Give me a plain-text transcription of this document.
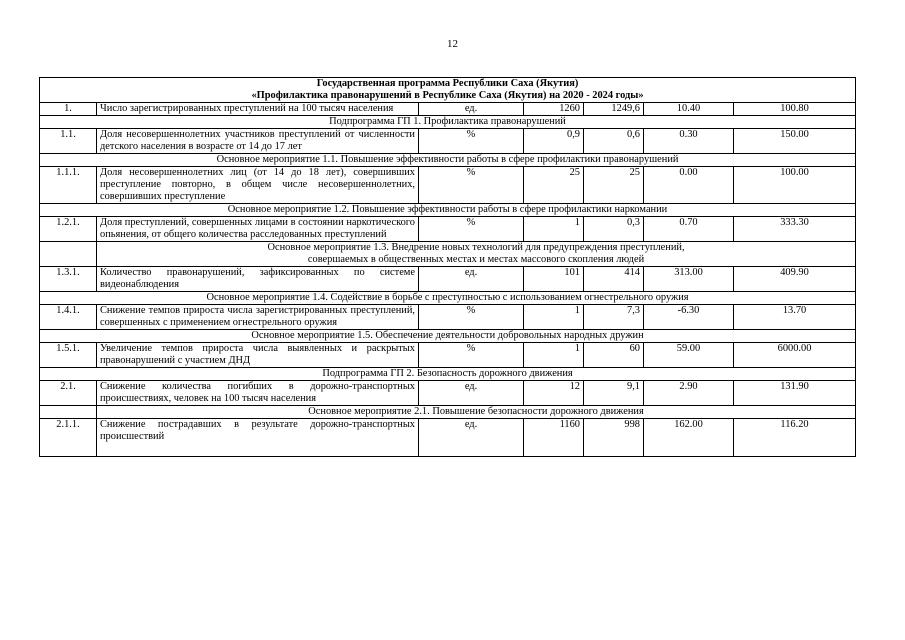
12
Государственная программа Республики Саха (Якутия)
«Профилактика правонарушений в Республике Саха (Якутия) на 2020 - 2024 годы»						

1.	Число зарегистрированных преступлений на 100 тысяч населения	ед.	1260	1249,6	10.40	100.80
Подпрограмма ГП 1. Профилактика правонарушений						
1.1.	Доля несовершеннолетних участников преступлений от численности детского населения в возрасте от 14 до 17 лет	%	0,9	0,6	0.30	150.00
Основное мероприятие 1.1. Повышение эффективности работы в сфере профилактики правонарушений						
1.1.1.	Доля несовершеннолетних лиц (от 14 до 18 лет), совершивших преступление повторно, в общем числе несовершеннолетних, совершивших преступление	%	25	25	0.00	100.00
Основное мероприятие 1.2. Повышение эффективности работы в сфере профилактики наркомании						
1.2.1.	Доля преступлений, совершенных лицами в состоянии наркотического опьянения, от общего количества расследованных преступлений	%	1	0,3	0.70	333.30

	Основное мероприятие 1.3. Внедрение новых технологий для предупреждения преступлений,
совершаемых в общественных местах и местах массового скопления людей					

1.3.1.	Количество правонарушений, зафиксированных по системе видеонаблюдения	ед.	101	414	313.00	409.90
Основное мероприятие 1.4. Содействие в борьбе с преступностью с использованием огнестрельного оружия						
1.4.1.	Снижение темпов прироста числа зарегистрированных преступлений, совершенных с применением огнестрельного оружия	%	1	7,3	-6.30	13.70
Основное мероприятие 1.5. Обеспечение деятельности добровольных народных дружин						
1.5.1.	Увеличение темпов прироста числа выявленных и раскрытых правонарушений с участием ДНД	%	1	60	59.00	6000.00
Подпрограмма ГП 2. Безопасность дорожного движения						
2.1.	Снижение количества погибших в дорожно-транспортных происшествиях, человек на 100 тысяч населения	ед.	12	9,1	2.90	131.90
	Основное мероприятие 2.1. Повышение безопасности дорожного движения					
2.1.1.	Снижение пострадавших в результате дорожно-транспортных происшествий	ед.	1160	998	162.00	116.20
